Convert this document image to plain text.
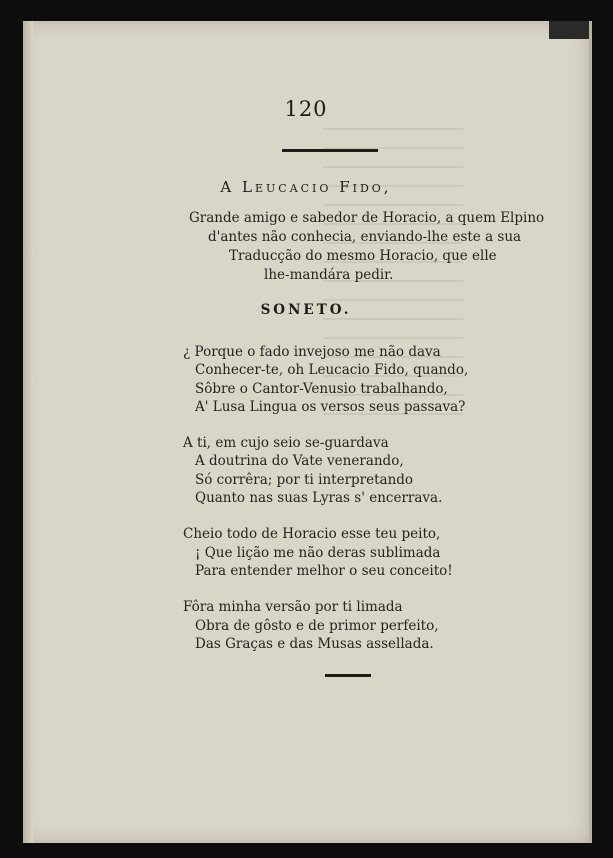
120
A Leucacio Fido,
Grande amigo e sabedor de Horacio, a quem Elpino
d'antes não conhecia, enviando-lhe este a sua
Traducção do mesmo Horacio, que elle
lhe-mandára pedir.
SONETO.
¿ Porque o fado invejoso me não dava
Conhecer-te, oh Leucacio Fido, quando,
Sôbre o Cantor-Venusio trabalhando,
A' Lusa Lingua os versos seus passava?
A ti, em cujo seio se-guardava
A doutrina do Vate venerando,
Só corrêra; por ti interpretando
Quanto nas suas Lyras s' encerrava.
Cheio todo de Horacio esse teu peito,
¡ Que lição me não deras sublimada
Para entender melhor o seu conceito!
Fôra minha versão por ti limada
Obra de gôsto e de primor perfeito,
Das Graças e das Musas assellada.
